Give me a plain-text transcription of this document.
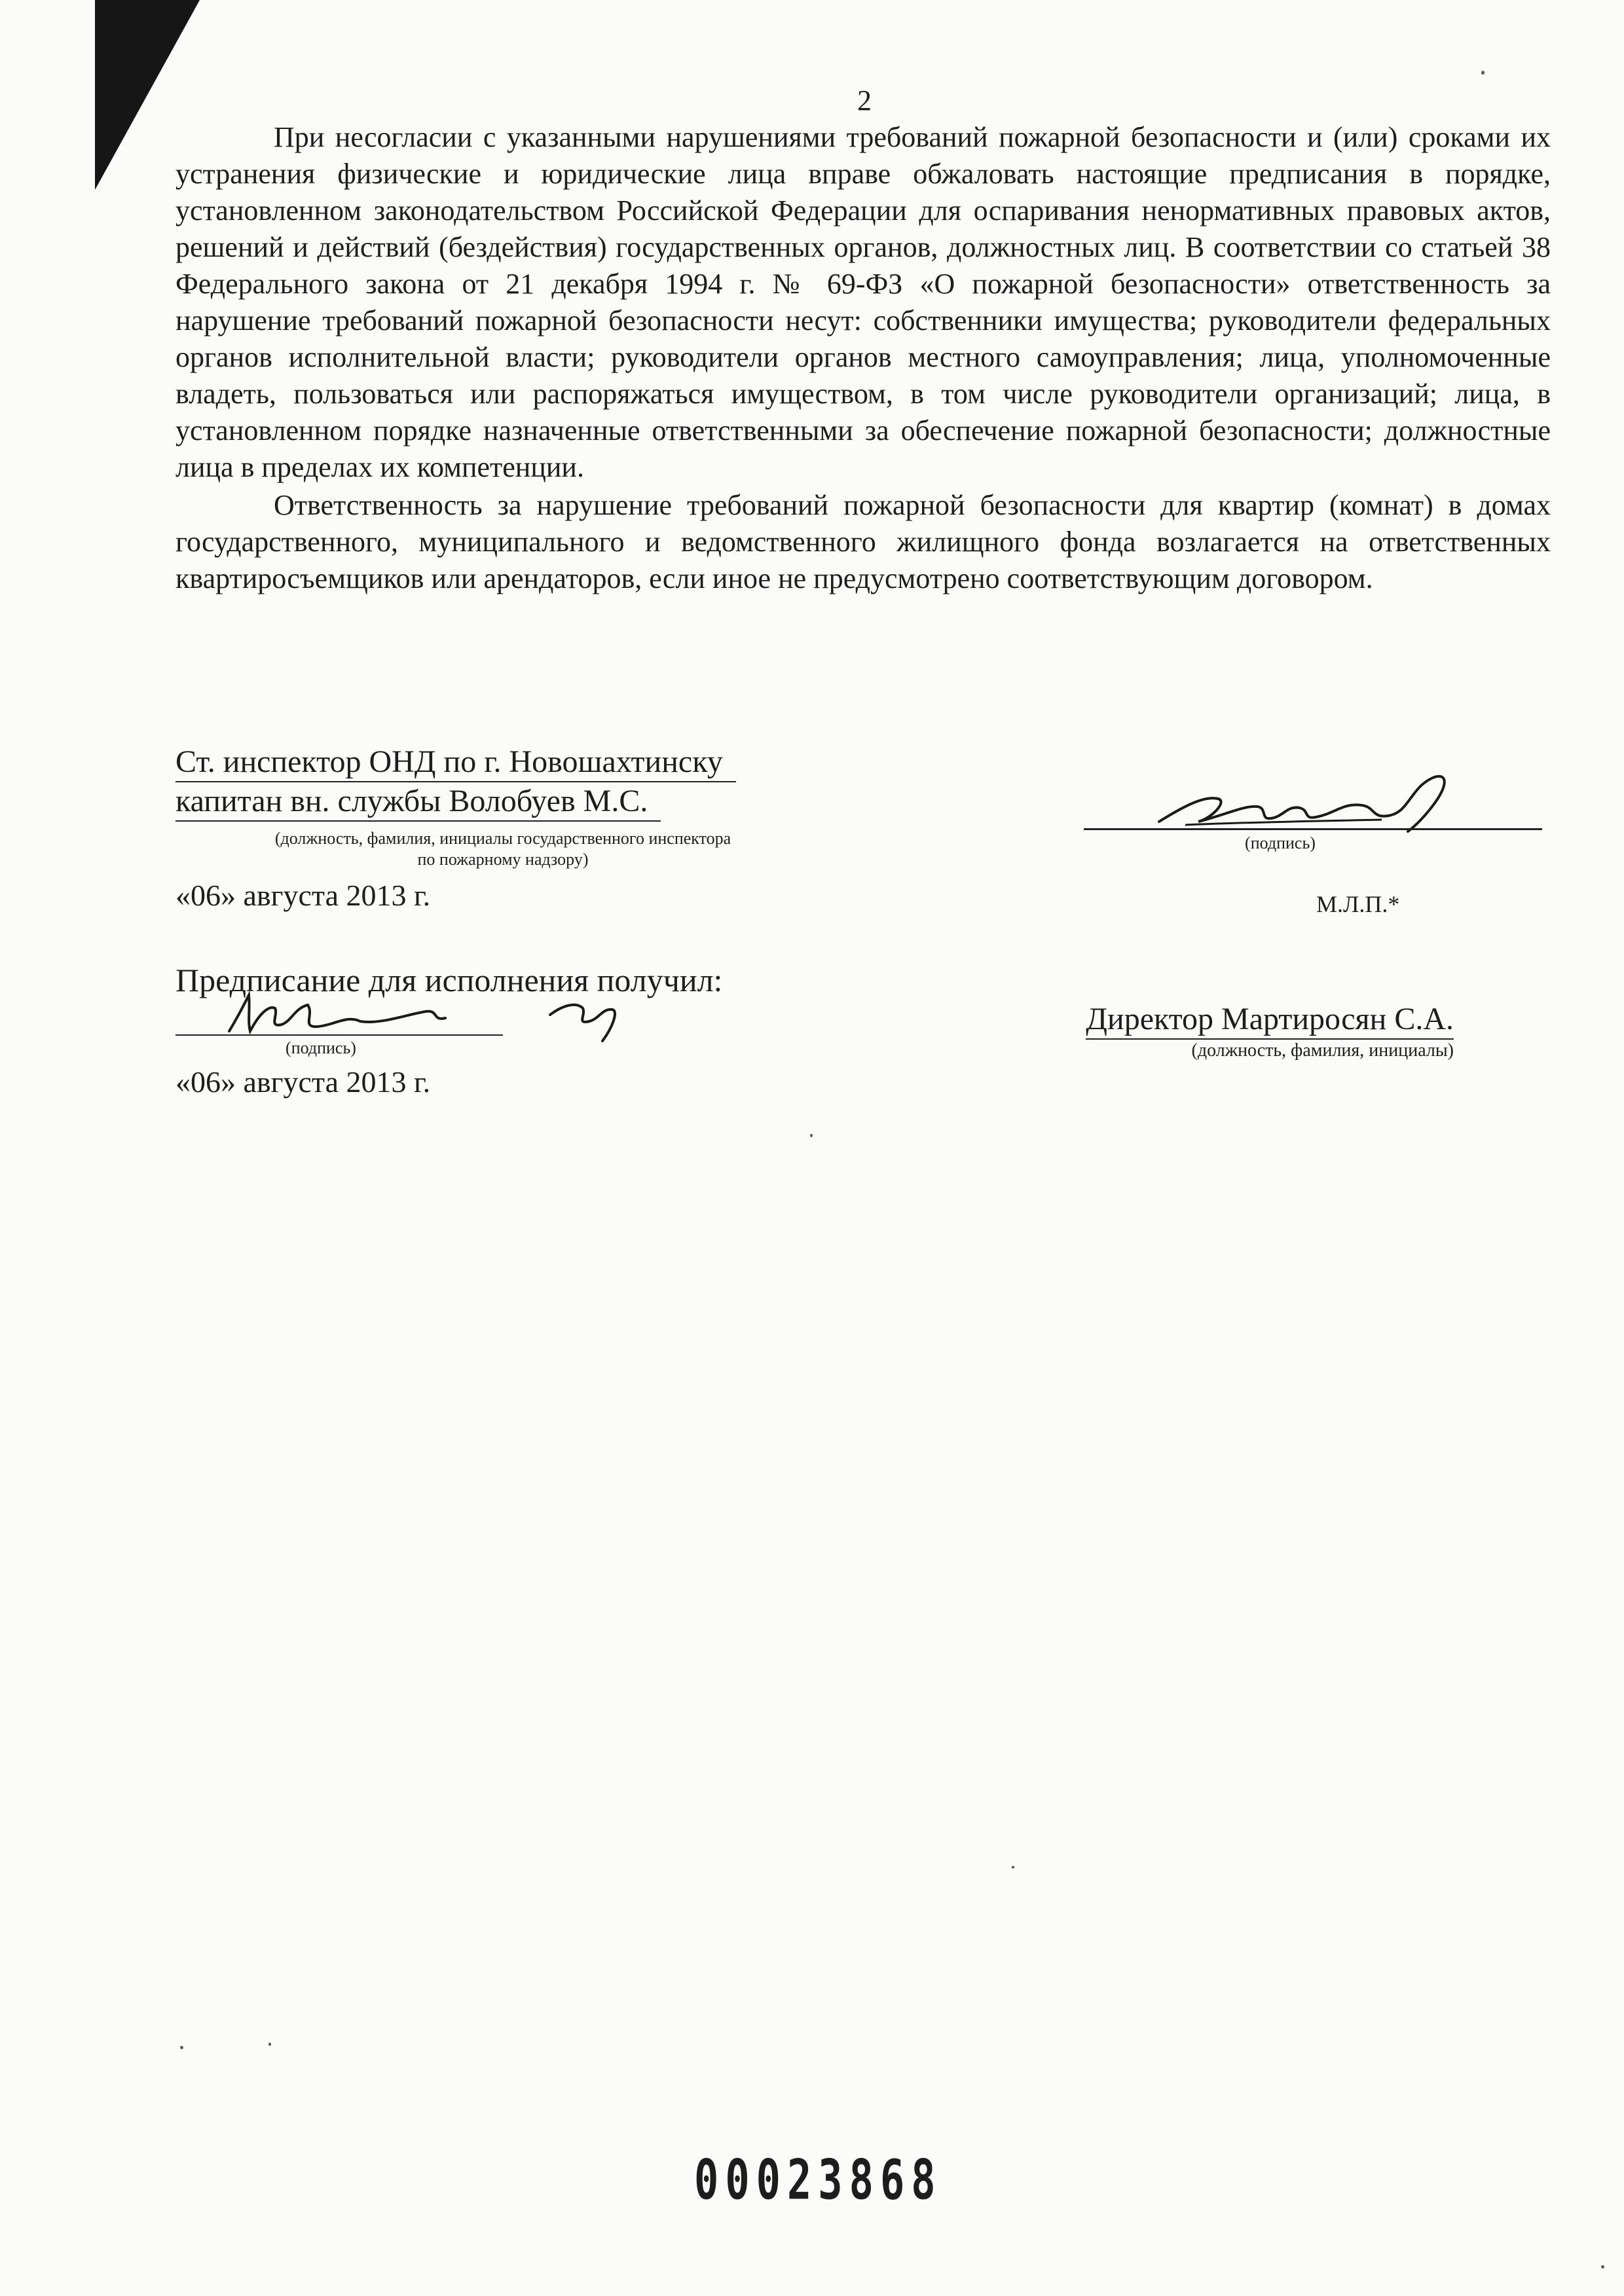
2

При несогласии с указанными нарушениями требований пожарной безопасности и (или) сроками их устранения физические и юридические лица вправе обжаловать настоящие предписания в порядке, установленном законодательством Российской Федерации для оспаривания ненормативных правовых актов, решений и действий (бездействия) государственных органов, должностных лиц. В соответствии со статьей 38 Федерального закона от 21 декабря 1994 г. № 69-ФЗ «О пожарной безопасности» ответственность за нарушение требований пожарной безопасности несут: собственники имущества; руководители федеральных органов исполнительной власти; руководители органов местного самоуправления; лица, уполномоченные владеть, пользоваться или распоряжаться имуществом, в том числе руководители организаций; лица, в установленном порядке назначенные ответственными за обеспечение пожарной безопасности; должностные лица в пределах их компетенции.

Ответственность за нарушение требований пожарной безопасности для квартир (комнат) в домах государственного, муниципального и ведомственного жилищного фонда возлагается на ответственных квартиросъемщиков или арендаторов, если иное не предусмотрено соответствующим договором.

Ст. инспектор ОНД по г. Новошахтинску
капитан вн. службы Волобуев М.С.
(должность, фамилия, инициалы государственного инспектора
по пожарному надзору)
«06» августа 2013 г.
(подпись)
М.Л.П.*
Предписание для исполнения получил:
(подпись)
«06» августа 2013 г.
Директор Мартиросян С.А.
(должность, фамилия, инициалы)
00023868
